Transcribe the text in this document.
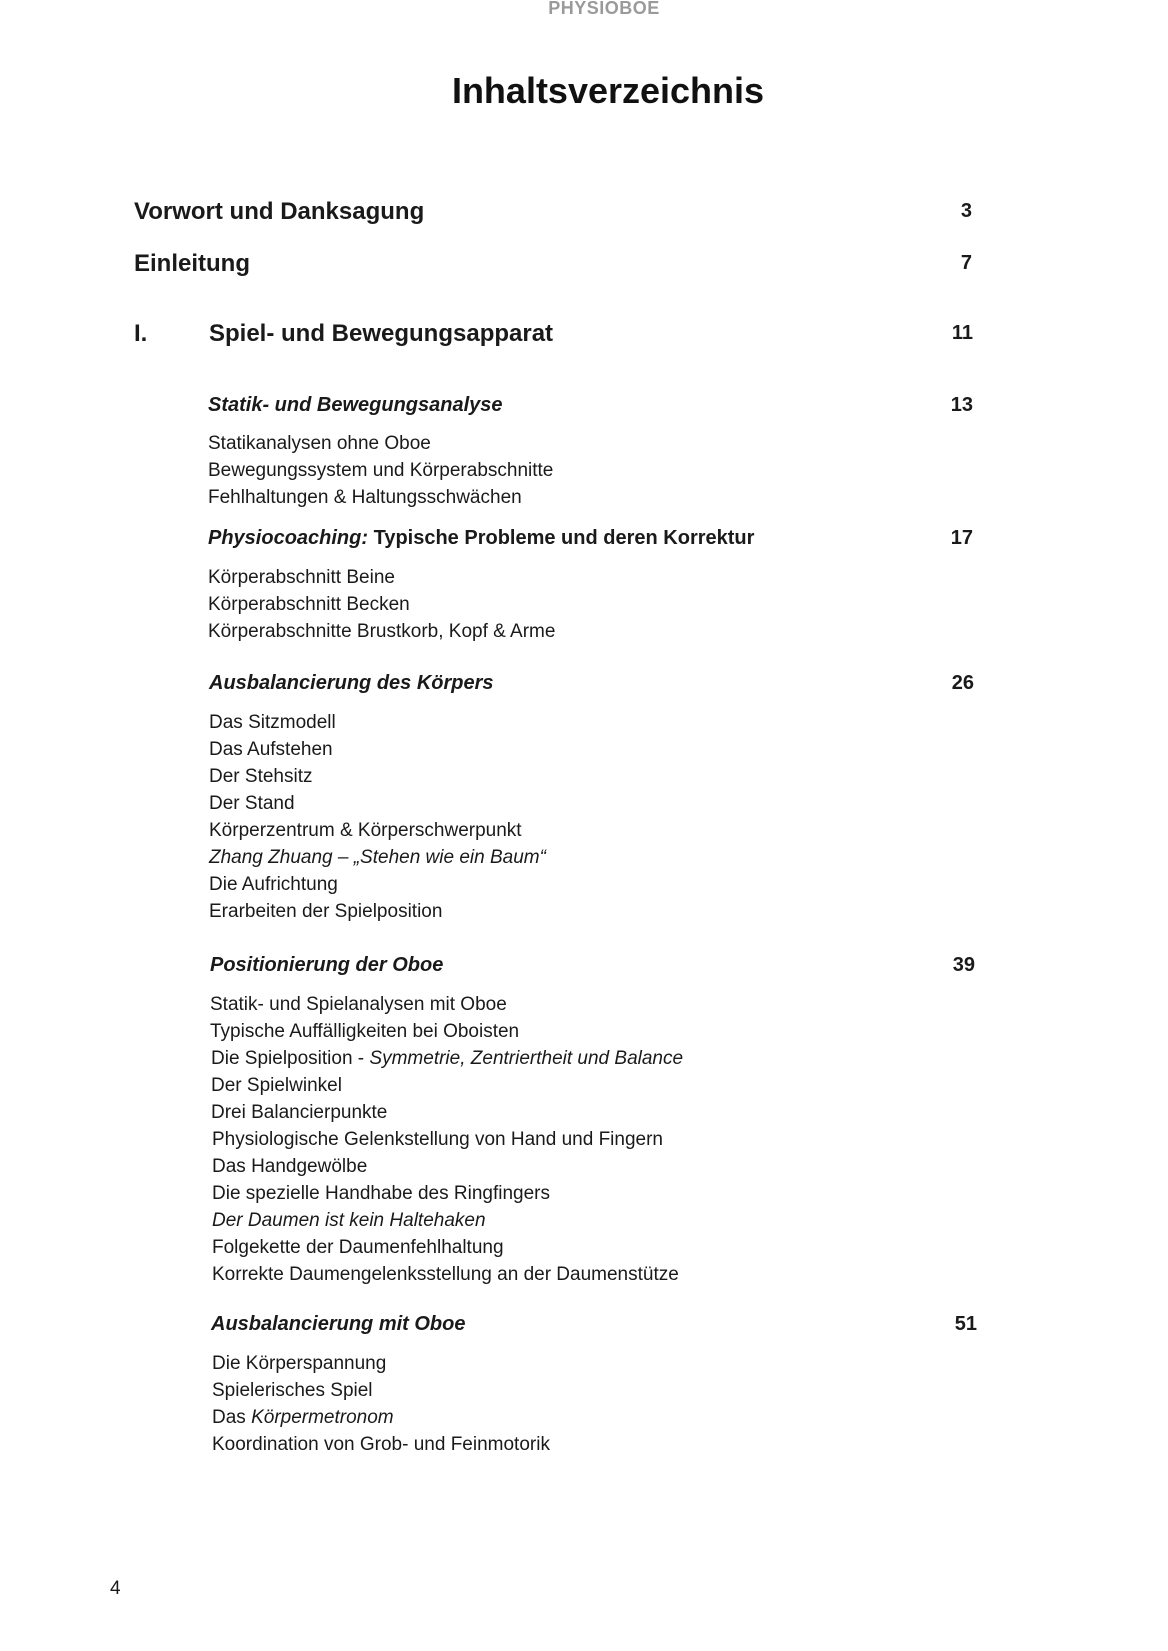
PHYSIOBOE
Inhaltsverzeichnis
Vorwort und Danksagung	3
Einleitung	7
I.	Spiel- und Bewegungsapparat	11
Statik- und Bewegungsanalyse	13
Statikanalysen ohne Oboe
Bewegungssystem und Körperabschnitte
Fehlhaltungen & Haltungsschwächen
Physiocoaching: Typische Probleme und deren Korrektur	17
Körperabschnitt Beine
Körperabschnitt Becken
Körperabschnitte Brustkorb, Kopf & Arme
Ausbalancierung des Körpers	26
Das Sitzmodell
Das Aufstehen
Der Stehsitz
Der Stand
Körperzentrum & Körperschwerpunkt
Zhang Zhuang – „Stehen wie ein Baum“
Die Aufrichtung
Erarbeiten der Spielposition
Positionierung der Oboe	39
Statik- und Spielanalysen mit Oboe
Typische Auffälligkeiten bei Oboisten
Die Spielposition - Symmetrie, Zentriertheit und Balance
Der Spielwinkel
Drei Balancierpunkte
Physiologische Gelenkstellung von Hand und Fingern
Das Handgewölbe
Die spezielle Handhabe des Ringfingers
Der Daumen ist kein Haltehaken
Folgekette der Daumenfehlhaltung
Korrekte Daumengelenksstellung an der Daumenstütze
Ausbalancierung mit Oboe	51
Die Körperspannung
Spielerisches Spiel
Das Körpermetronom
Koordination von Grob- und Feinmotorik
4
